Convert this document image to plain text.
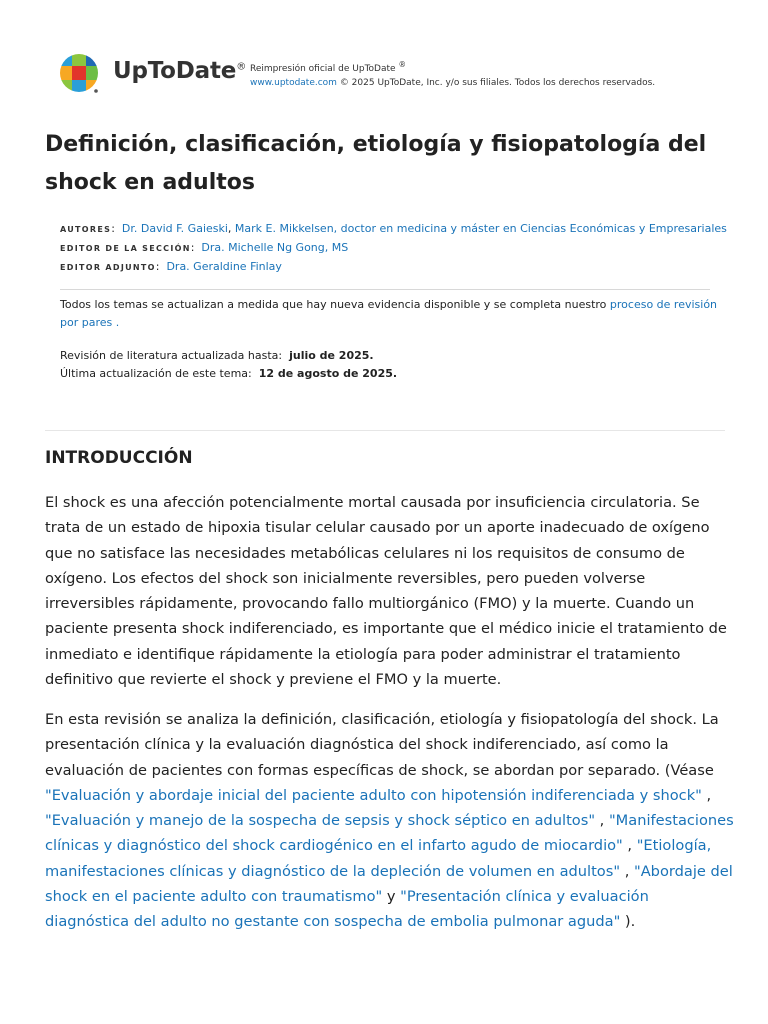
UpToDate® Reimpresión oficial de UpToDate ®
www.uptodate.com © 2025 UpToDate, Inc. y/o sus filiales. Todos los derechos reservados.
Definición, clasificación, etiología y fisiopatología del shock en adultos
AUTORES:  Dr. David F. Gaieski, Mark E. Mikkelsen, doctor en medicina y máster en Ciencias Económicas y Empresariales
EDITOR DE LA SECCIÓN:  Dra. Michelle Ng Gong, MS
EDITOR ADJUNTO:  Dra. Geraldine Finlay
Todos los temas se actualizan a medida que hay nueva evidencia disponible y se completa nuestro proceso de revisión por pares .
Revisión de literatura actualizada hasta: julio de 2025.
Última actualización de este tema: 12 de agosto de 2025.
INTRODUCCIÓN

El shock es una afección potencialmente mortal causada por insuficiencia circulatoria. Se trata de un estado de hipoxia tisular celular causado por un aporte inadecuado de oxígeno que no satisface las necesidades metabólicas celulares ni los requisitos de consumo de oxígeno. Los efectos del shock son inicialmente reversibles, pero pueden volverse irreversibles rápidamente, provocando fallo multiorgánico (FMO) y la muerte. Cuando un paciente presenta shock indiferenciado, es importante que el médico inicie el tratamiento de inmediato e identifique rápidamente la etiología para poder administrar el tratamiento definitivo que revierte el shock y previene el FMO y la muerte.

En esta revisión se analiza la definición, clasificación, etiología y fisiopatología del shock. La presentación clínica y la evaluación diagnóstica del shock indiferenciado, así como la evaluación de pacientes con formas específicas de shock, se abordan por separado. (Véase "Evaluación y abordaje inicial del paciente adulto con hipotensión indiferenciada y shock" , "Evaluación y manejo de la sospecha de sepsis y shock séptico en adultos" , "Manifestaciones clínicas y diagnóstico del shock cardiogénico en el infarto agudo de miocardio" , "Etiología, manifestaciones clínicas y diagnóstico de la depleción de volumen en adultos" , "Abordaje del shock en el paciente adulto con traumatismo" y "Presentación clínica y evaluación diagnóstica del adulto no gestante con sospecha de embolia pulmonar aguda" ).
